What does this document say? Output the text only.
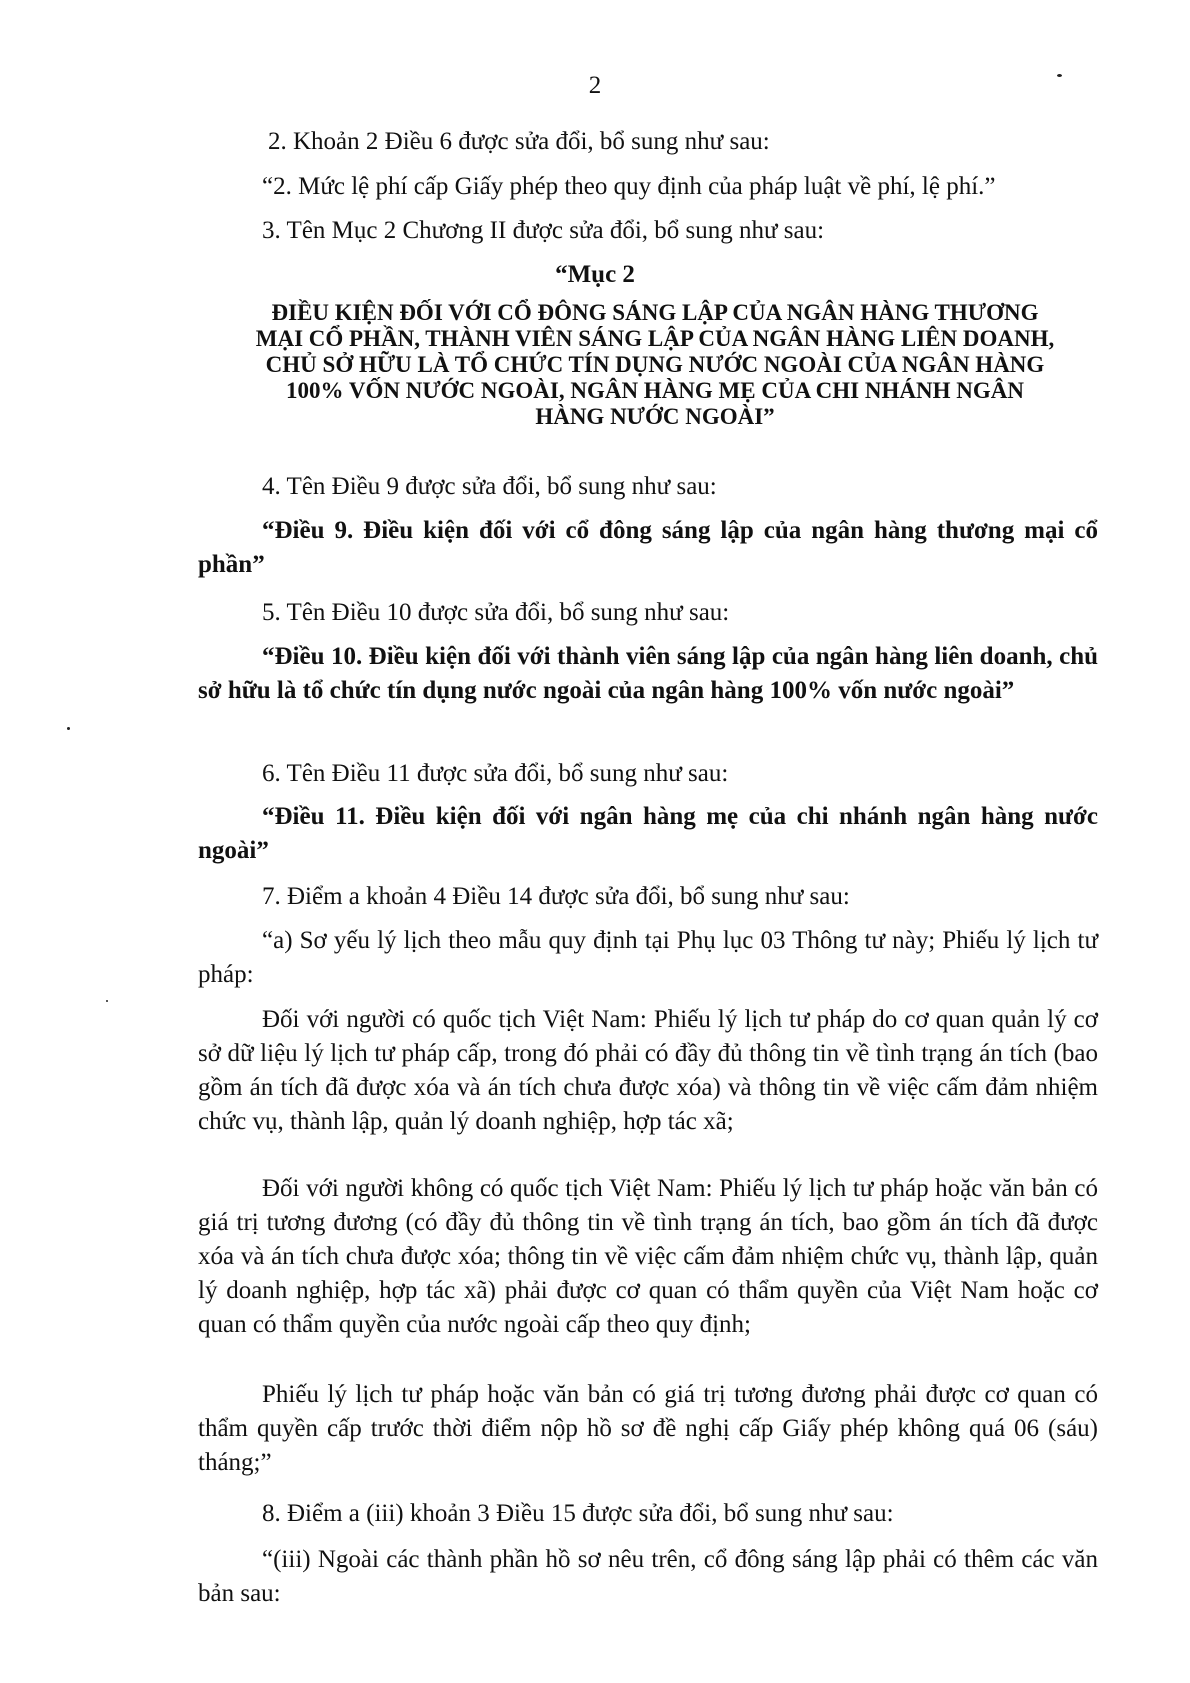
2

2. Khoản 2 Điều 6 được sửa đổi, bổ sung như sau:

“2. Mức lệ phí cấp Giấy phép theo quy định của pháp luật về phí, lệ phí.”

3. Tên Mục 2 Chương II được sửa đổi, bổ sung như sau:

“Mục 2

ĐIỀU KIỆN ĐỐI VỚI CỔ ĐÔNG SÁNG LẬP CỦA NGÂN HÀNG THƯƠNG
MẠI CỔ PHẦN, THÀNH VIÊN SÁNG LẬP CỦA NGÂN HÀNG LIÊN DOANH,
CHỦ SỞ HỮU LÀ TỔ CHỨC TÍN DỤNG NƯỚC NGOÀI CỦA NGÂN HÀNG
100% VỐN NƯỚC NGOÀI, NGÂN HÀNG MẸ CỦA CHI NHÁNH NGÂN
HÀNG NƯỚC NGOÀI”

4. Tên Điều 9 được sửa đổi, bổ sung như sau:

“Điều 9. Điều kiện đối với cổ đông sáng lập của ngân hàng thương mại cổ phần”

5. Tên Điều 10 được sửa đổi, bổ sung như sau:

“Điều 10. Điều kiện đối với thành viên sáng lập của ngân hàng liên doanh, chủ sở hữu là tổ chức tín dụng nước ngoài của ngân hàng 100% vốn nước ngoài”

6. Tên Điều 11 được sửa đổi, bổ sung như sau:

“Điều 11. Điều kiện đối với ngân hàng mẹ của chi nhánh ngân hàng nước ngoài”

7. Điểm a khoản 4 Điều 14 được sửa đổi, bổ sung như sau:

“a) Sơ yếu lý lịch theo mẫu quy định tại Phụ lục 03 Thông tư này; Phiếu lý lịch tư pháp:

Đối với người có quốc tịch Việt Nam: Phiếu lý lịch tư pháp do cơ quan quản lý cơ sở dữ liệu lý lịch tư pháp cấp, trong đó phải có đầy đủ thông tin về tình trạng án tích (bao gồm án tích đã được xóa và án tích chưa được xóa) và thông tin về việc cấm đảm nhiệm chức vụ, thành lập, quản lý doanh nghiệp, hợp tác xã;

Đối với người không có quốc tịch Việt Nam: Phiếu lý lịch tư pháp hoặc văn bản có giá trị tương đương (có đầy đủ thông tin về tình trạng án tích, bao gồm án tích đã được xóa và án tích chưa được xóa; thông tin về việc cấm đảm nhiệm chức vụ, thành lập, quản lý doanh nghiệp, hợp tác xã) phải được cơ quan có thẩm quyền của Việt Nam hoặc cơ quan có thẩm quyền của nước ngoài cấp theo quy định;

Phiếu lý lịch tư pháp hoặc văn bản có giá trị tương đương phải được cơ quan có thẩm quyền cấp trước thời điểm nộp hồ sơ đề nghị cấp Giấy phép không quá 06 (sáu) tháng;”

8. Điểm a (iii) khoản 3 Điều 15 được sửa đổi, bổ sung như sau:

“(iii) Ngoài các thành phần hồ sơ nêu trên, cổ đông sáng lập phải có thêm các văn bản sau:
